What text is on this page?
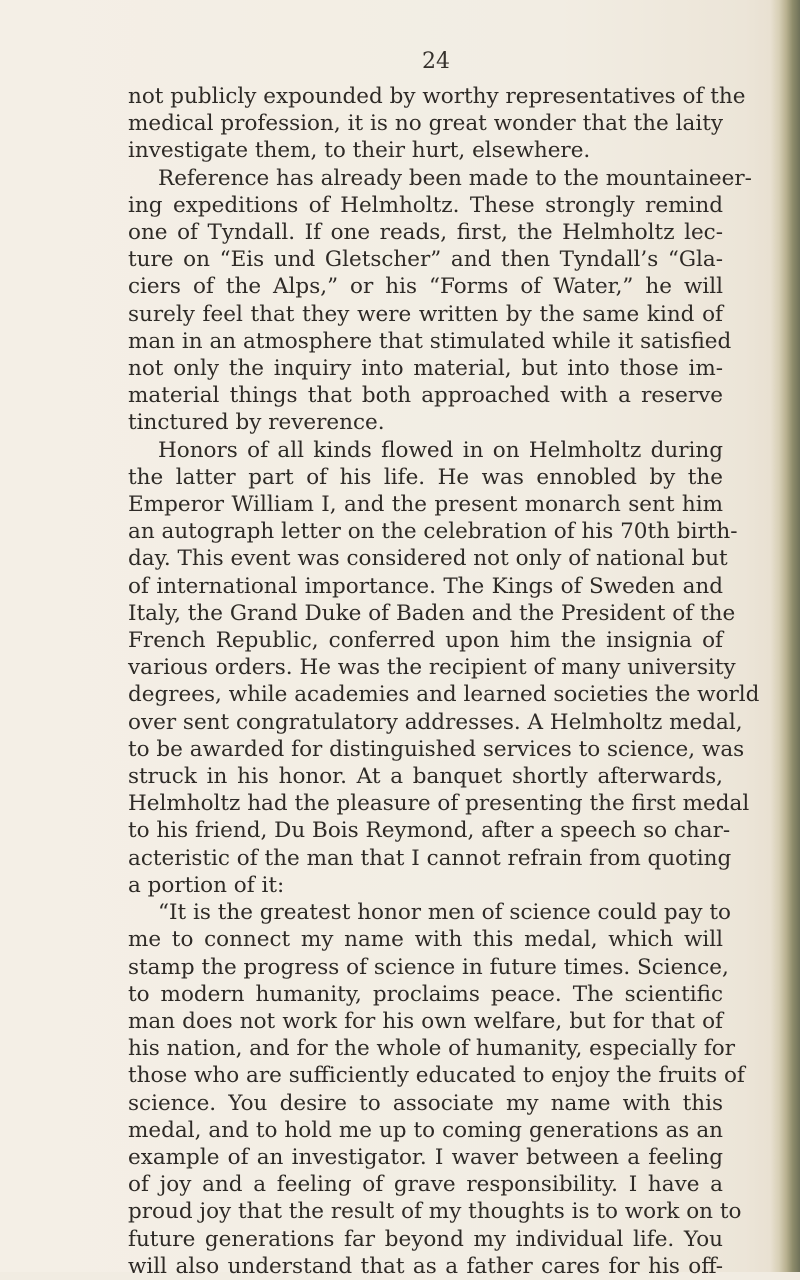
24
not publicly expounded by worthy representatives of the
medical profession, it is no great wonder that the laity
investigate them, to their hurt, elsewhere.
Reference has already been made to the mountaineer-
ing expeditions of Helmholtz. These strongly remind
one of Tyndall. If one reads, first, the Helmholtz lec-
ture on “Eis und Gletscher” and then Tyndall’s “Gla-
ciers of the Alps,” or his “Forms of Water,” he will
surely feel that they were written by the same kind of
man in an atmosphere that stimulated while it satisfied
not only the inquiry into material, but into those im-
material things that both approached with a reserve
tinctured by reverence.
Honors of all kinds flowed in on Helmholtz during
the latter part of his life. He was ennobled by the
Emperor William I, and the present monarch sent him
an autograph letter on the celebration of his 70th birth-
day. This event was considered not only of national but
of international importance. The Kings of Sweden and
Italy, the Grand Duke of Baden and the President of the
French Republic, conferred upon him the insignia of
various orders. He was the recipient of many university
degrees, while academies and learned societies the world
over sent congratulatory addresses. A Helmholtz medal,
to be awarded for distinguished services to science, was
struck in his honor. At a banquet shortly afterwards,
Helmholtz had the pleasure of presenting the first medal
to his friend, Du Bois Reymond, after a speech so char-
acteristic of the man that I cannot refrain from quoting
a portion of it:
“It is the greatest honor men of science could pay to
me to connect my name with this medal, which will
stamp the progress of science in future times. Science,
to modern humanity, proclaims peace. The scientific
man does not work for his own welfare, but for that of
his nation, and for the whole of humanity, especially for
those who are sufficiently educated to enjoy the fruits of
science. You desire to associate my name with this
medal, and to hold me up to coming generations as an
example of an investigator. I waver between a feeling
of joy and a feeling of grave responsibility. I have a
proud joy that the result of my thoughts is to work on to
future generations far beyond my individual life. You
will also understand that as a father cares for his off-
